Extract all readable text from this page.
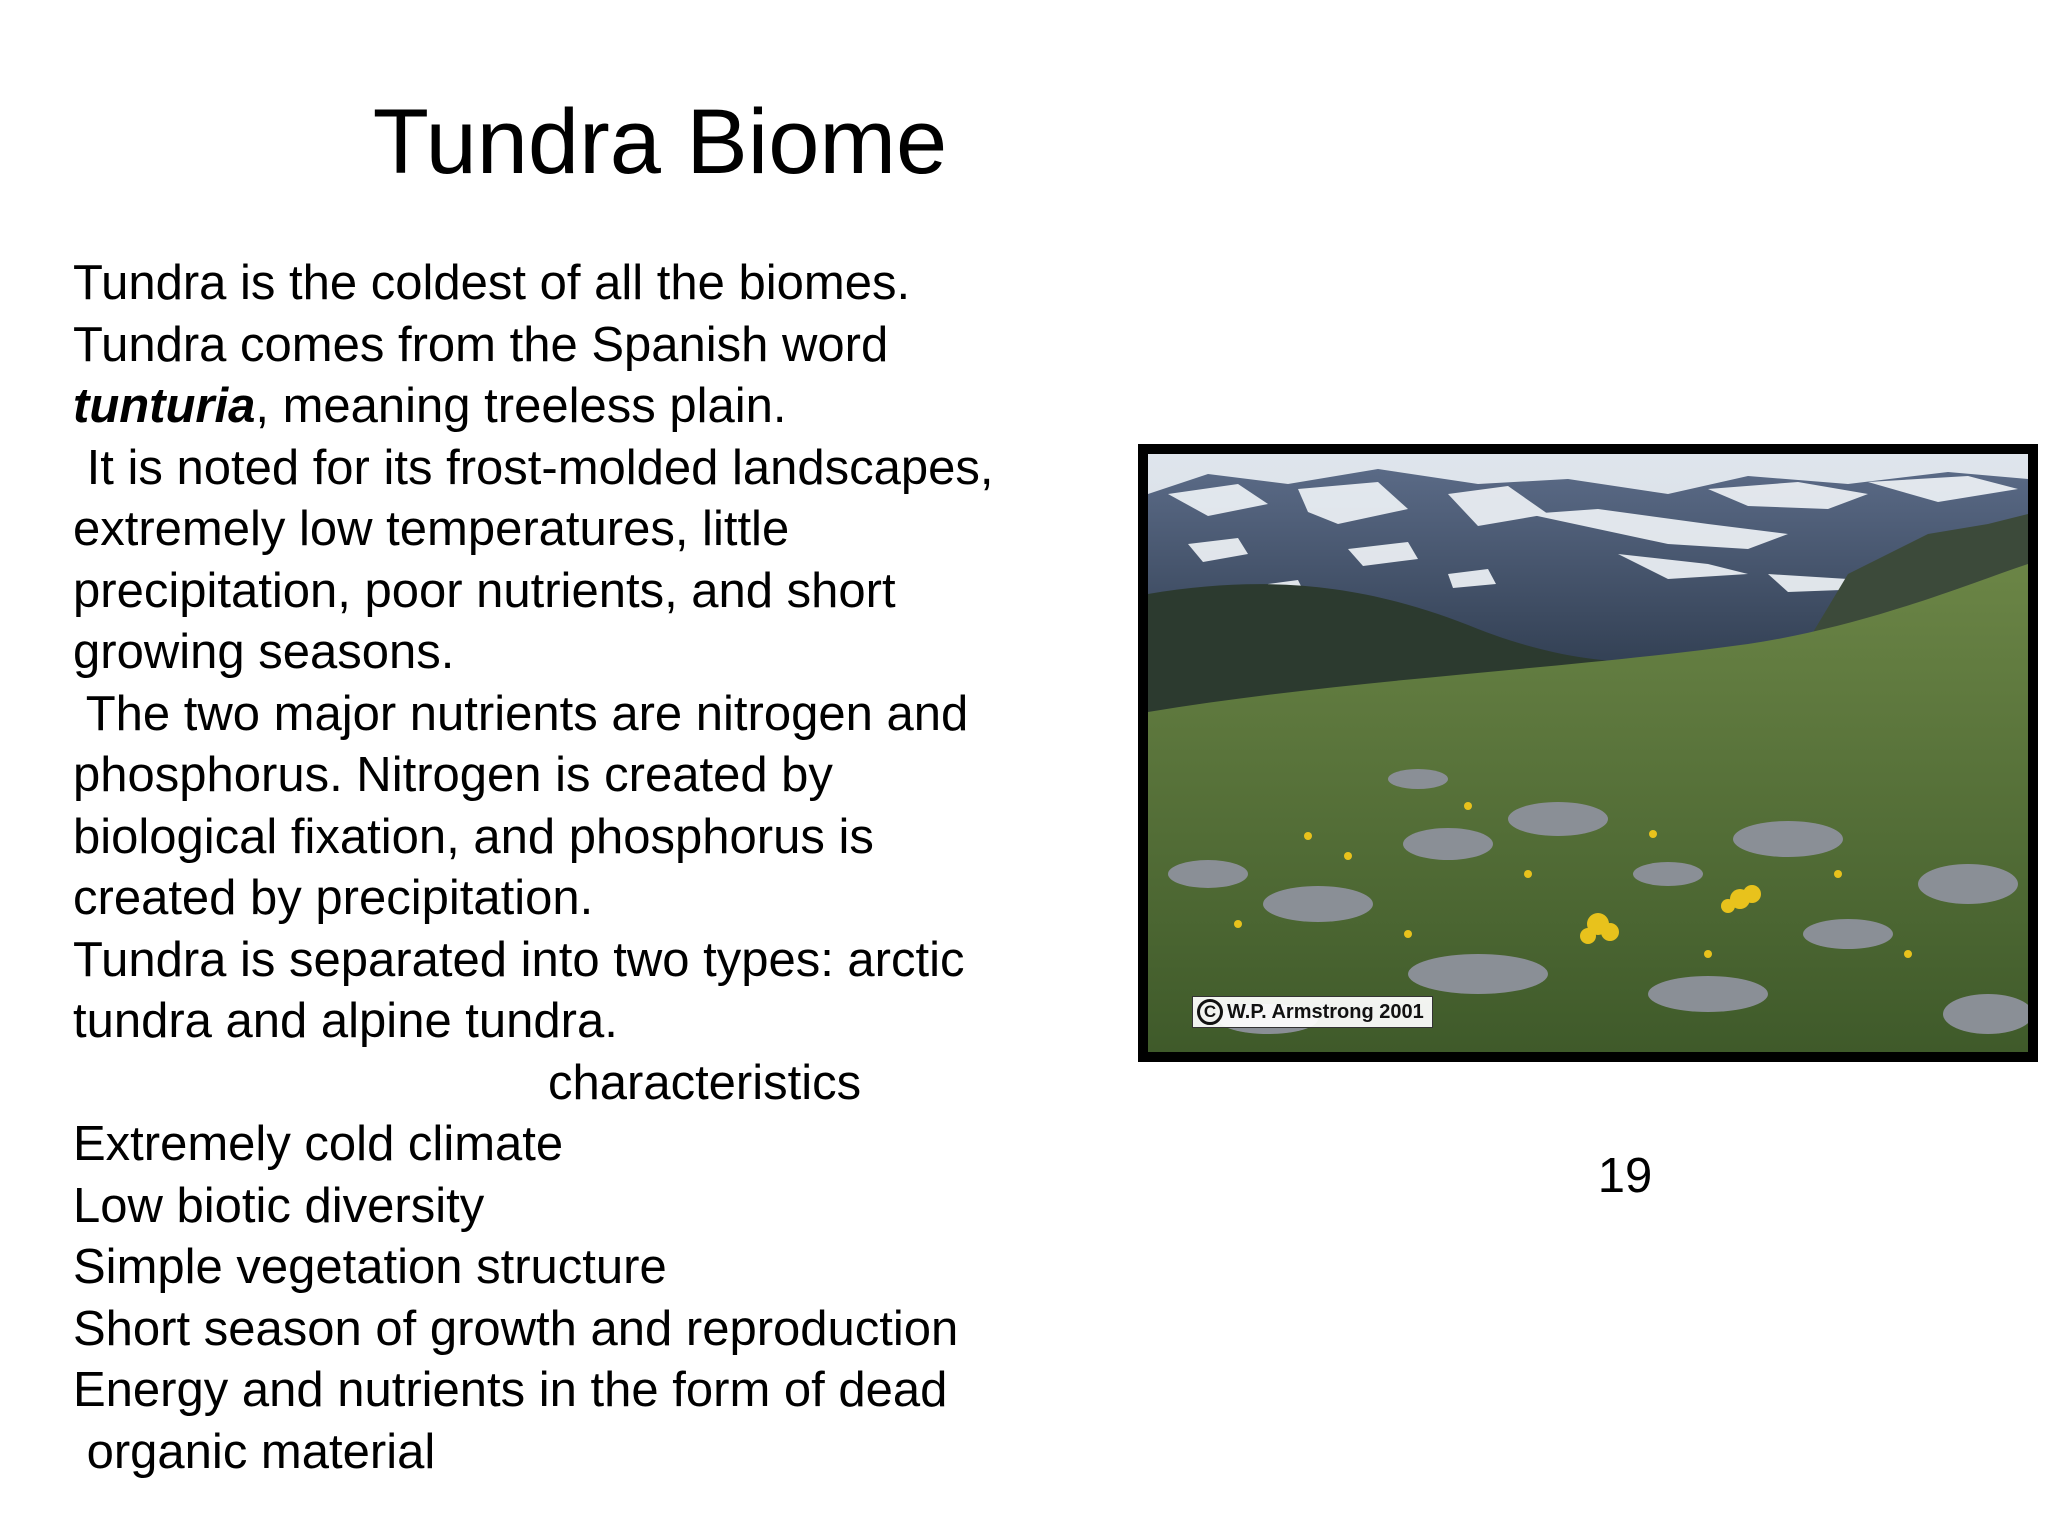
Tundra Biome
Tundra is the coldest of all the biomes.
Tundra comes from the Spanish word
tunturia, meaning treeless plain.
It is noted for its frost-molded landscapes,
extremely low temperatures, little
precipitation, poor nutrients, and short
growing seasons.
The two major nutrients are nitrogen and
phosphorus. Nitrogen is created by
biological fixation, and phosphorus is
created by precipitation.
Tundra is separated into two types: arctic
tundra and alpine tundra.
characteristics
Extremely cold climate
Low biotic diversity
Simple vegetation structure
Short season of growth and reproduction
Energy and nutrients in the form of dead
organic material
C W.P. Armstrong 2001
19
